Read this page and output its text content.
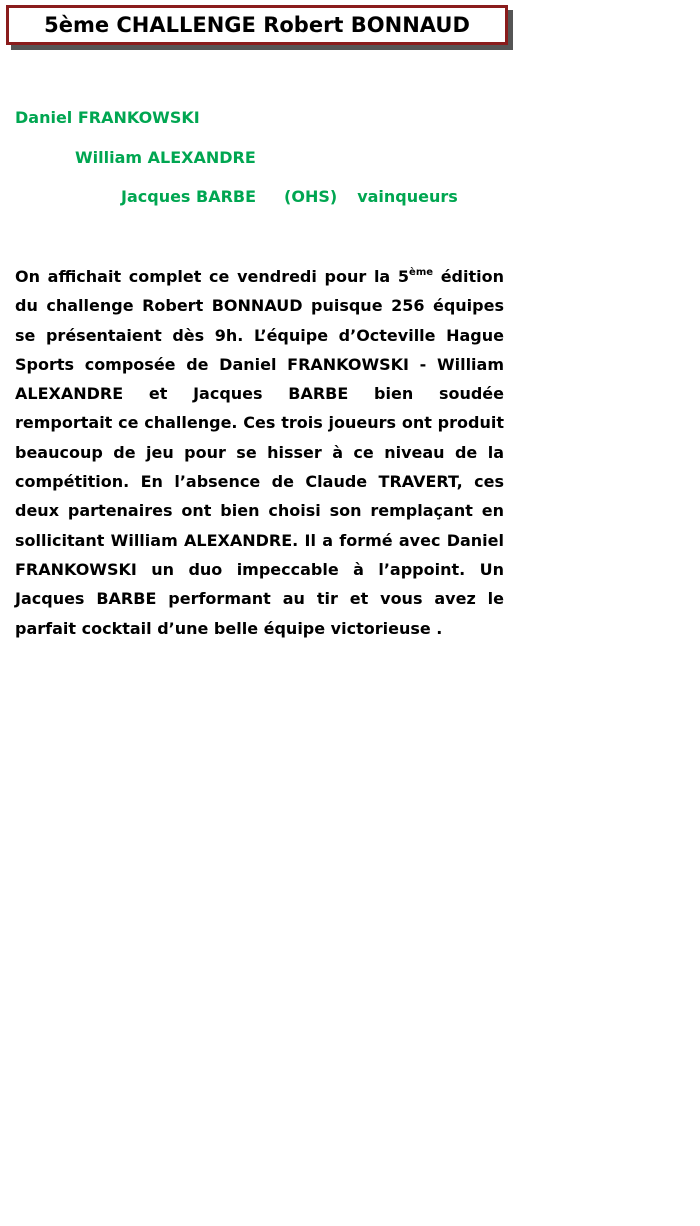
5ème CHALLENGE Robert BONNAUD
Daniel FRANKOWSKI
William ALEXANDRE
Jacques BARBE (OHS) vainqueurs

On affichait complet ce vendredi pour la 5ème édition du challenge Robert BONNAUD puisque 256 équipes se présentaient dès 9h. L’équipe d’Octeville Hague Sports composée de Daniel FRANKOWSKI - William ALEXANDRE et Jacques BARBE bien soudée remportait ce challenge. Ces trois joueurs ont produit beaucoup de jeu pour se hisser à ce niveau de la compétition. En l’absence de Claude TRAVERT, ces deux partenaires ont bien choisi son remplaçant en sollicitant William ALEXANDRE. Il a formé avec Daniel FRANKOWSKI un duo impeccable à l’appoint. Un Jacques BARBE performant au tir et vous avez le parfait cocktail d’une belle équipe victorieuse .
